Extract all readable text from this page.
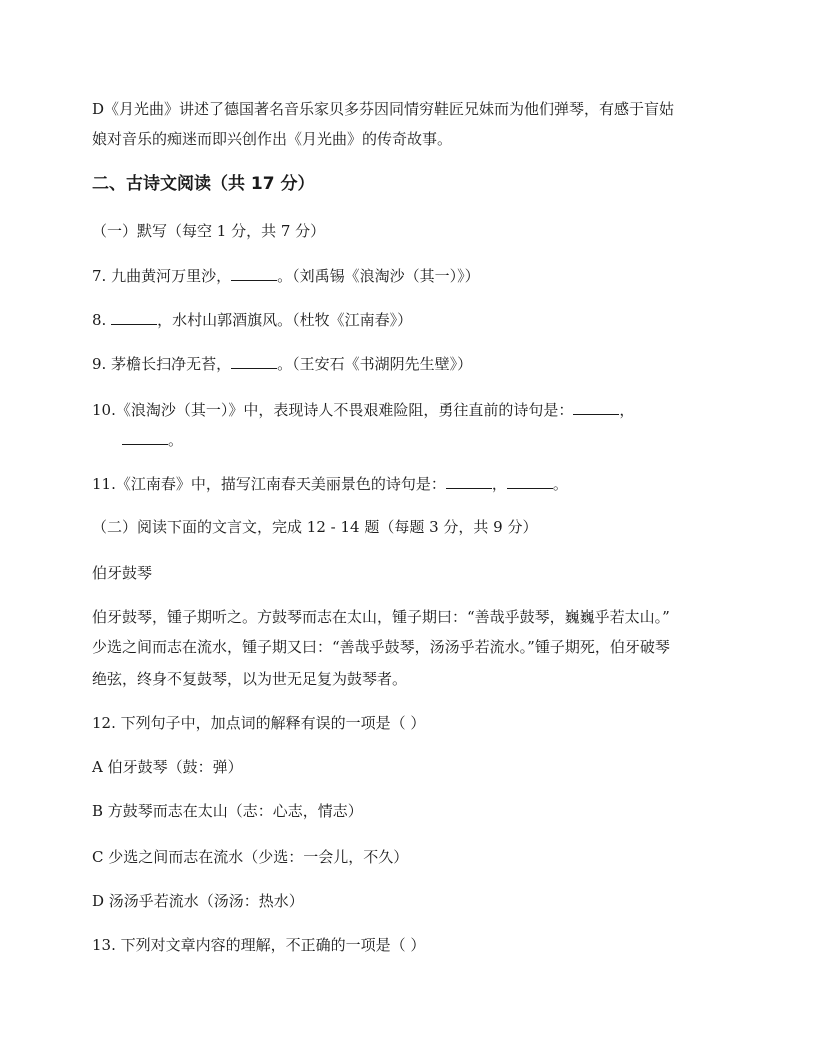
D《月光曲》讲述了德国著名音乐家贝多芬因同情穷鞋匠兄妹而为他们弹琴，有感于盲姑

娘对音乐的痴迷而即兴创作出《月光曲》的传奇故事。

二、古诗文阅读（共 17 分）

（一）默写（每空 1 分，共 7 分）

7. 九曲黄河万里沙，	。（刘禹锡《浪淘沙（其一）》）

8.	，水村山郭酒旗风。（杜牧《江南春》）

9. 茅檐长扫净无苔，	。（王安石《书湖阴先生壁》）

10.《浪淘沙（其一）》中，表现诗人不畏艰难险阻，勇往直前的诗句是：	，

。

11.《江南春》中，描写江南春天美丽景色的诗句是：	，	。

（二）阅读下面的文言文，完成 12 - 14 题（每题 3 分，共 9 分）

伯牙鼓琴

伯牙鼓琴，锺子期听之。方鼓琴而志在太山，锺子期曰：“善哉乎鼓琴，巍巍乎若太山。”

少选之间而志在流水，锺子期又曰：“善哉乎鼓琴，汤汤乎若流水。”锺子期死，伯牙破琴

绝弦，终身不复鼓琴，以为世无足复为鼓琴者。

12. 下列句子中，加点词的解释有误的一项是（ ）

A 伯牙鼓琴（鼓：弹）

B 方鼓琴而志在太山（志：心志，情志）

C 少选之间而志在流水（少选：一会儿，不久）

D 汤汤乎若流水（汤汤：热水）

13. 下列对文章内容的理解，不正确的一项是（ ）
